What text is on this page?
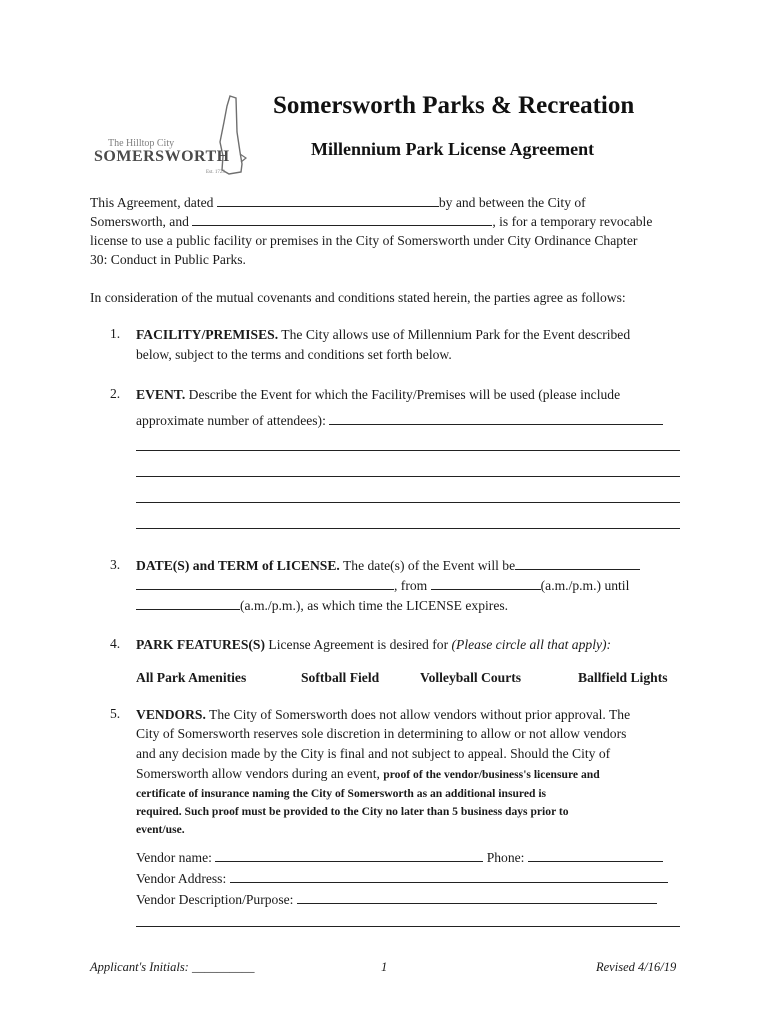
The Hilltop City
SOMERSWORTH
Est. 1729
Somersworth Parks & Recreation
Millennium Park License Agreement
This Agreement, dated	by and between the City of
Somersworth, and	, is for a temporary revocable
license to use a public facility or premises in the City of Somersworth under City Ordinance Chapter
30: Conduct in Public Parks.
In consideration of the mutual covenants and conditions stated herein, the parties agree as follows:
1. FACILITY/PREMISES. The City allows use of Millennium Park for the Event described
below, subject to the terms and conditions set forth below.
2. EVENT. Describe the Event for which the Facility/Premises will be used (please include
approximate number of attendees):
3. DATE(S) and TERM of LICENSE. The date(s) of the Event will be
, from	(a.m./p.m.) until
(a.m./p.m.), as which time the LICENSE expires.
4. PARK FEATURES(S) License Agreement is desired for (Please circle all that apply):
All Park Amenities	Softball Field	Volleyball Courts	Ballfield Lights
5. VENDORS. The City of Somersworth does not allow vendors without prior approval. The
City of Somersworth reserves sole discretion in determining to allow or not allow vendors
and any decision made by the City is final and not subject to appeal. Should the City of
Somersworth allow vendors during an event, proof of the vendor/business's licensure and
certificate of insurance naming the City of Somersworth as an additional insured is
required. Such proof must be provided to the City no later than 5 business days prior to
event/use.
Vendor name:	Phone:
Vendor Address:
Vendor Description/Purpose:
Applicant's Initials: __________	1	Revised 4/16/19
